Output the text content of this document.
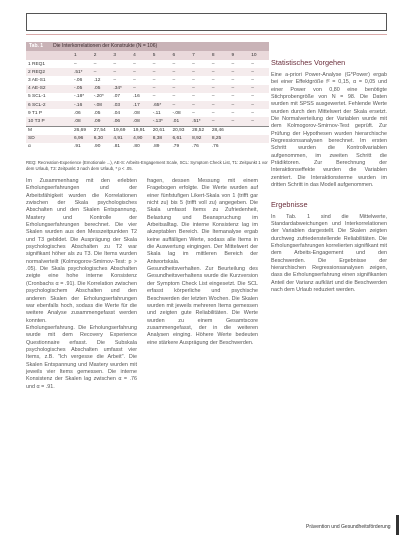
Tab. 1 Die Interkorrelationen der Konstrukte (N = 106)
	1	2	3	4	5	6	7	8	9	10
1 REQ1	–	–	–	–	–	–	–	–	–	–
2 REQ2	.51*	–	–	–	–	–	–	–	–	–
3 AE-S1	-.06	.12	–	–	–	–	–	–	–	–
4 AE-S2	-.05	.05	.34*	–	–	–	–	–	–	–
5 SCL-1	-.18*	-.20*	.07	.16	–	–	–	–	–	–
6 SCL-2	-.16	-.08	.03	.17	.65*	–	–	–	–	–
9 T1 P	.06	.05	.04	.08	-.11	-.08	–	–	–	–
10 T3 P	.08	.09	.06	.08	-.13*	.01	.51*	–	–	–
M	26,69	27,54	19,69	19,91	20,61	20,93	28,52	28,46		
SD	6,96	6,30	4,91	4,90	8,38	6,61	8,92	8,25		
α	.91	.90	.81	.80	.89	.79	.76	.76		
REQ: Recreation-Experience (Emotionale ...), AE-S: Arbeits-Engagement Scale, SCL: Symptom Check List, T1: Zeitpunkt 1 vor dem Urlaub, T3: Zeitpunkt 3 nach dem Urlaub, * p < .05.

Im Zusammenhang mit den erlebten Erholungserfahrungen und der Arbeitsfähigkeit wurden die Korrelationen zwischen der Skala psychologisches Abschalten und den Skalen Entspannung, Mastery und Kontrolle der Erholungserfahrungen berechnet. Die vier Skalen wurden aus den Messzeitpunkten T2 und T3 gebildet. Die Ausprägung der Skala psychologisches Abschalten zu T2 war signifikant höher als zu T3. Die Items wurden normalverteilt (Kolmogorov-Smirnov-Test: p > .05). Die Skala psychologisches Abschalten zeigte eine hohe interne Konsistenz (Cronbachs α = .91). Die Korrelation zwischen psychologischem Abschalten und den anderen Skalen der Erholungserfahrungen war ebenfalls hoch, sodass die Werte für die weitere Analyse zusammengefasst werden konnten.

Erholungserfahrung. Die Erholungserfahrung wurde mit dem Recovery Experience Questionnaire erfasst. Die Subskala psychologisches Abschalten umfasst vier Items, z.B. "Ich vergesse die Arbeit". Die Skalen Entspannung und Mastery wurden mit jeweils vier Items gemessen. Die interne Konsistenz der Skalen lag zwischen α = .76 und α = .91.

fragen, dessen Messung mit einem Fragebogen erfolgte. Die Werte wurden auf einer fünfstufigen Likert-Skala von 1 (trifft gar nicht zu) bis 5 (trifft voll zu) angegeben. Die Skala umfasst Items zu Zufriedenheit, Belastung und Beanspruchung im Arbeitsalltag. Die interne Konsistenz lag im akzeptablen Bereich. Die Itemanalyse ergab keine auffälligen Werte, sodass alle Items in die Auswertung eingingen. Der Mittelwert der Skala lag im mittleren Bereich der Antwortskala.

Gesundheitsverhalten. Zur Beurteilung des Gesundheitsverhaltens wurde die Kurzversion der Symptom Check List eingesetzt. Die SCL erfasst körperliche und psychische Beschwerden der letzten Wochen. Die Skalen wurden mit jeweils mehreren Items gemessen und zeigten gute Reliabilitäten. Die Werte wurden zu einem Gesamtscore zusammengefasst, der in die weiteren Analysen einging. Höhere Werte bedeuten eine stärkere Ausprägung der Beschwerden.

Statistisches Vorgehen

Eine a-priori Power-Analyse (G*Power) ergab bei einer Effektgröße f² = 0,15, α = 0,05 und einer Power von 0,80 eine benötigte Stichprobengröße von N = 98. Die Daten wurden mit SPSS ausgewertet. Fehlende Werte wurden durch den Mittelwert der Skala ersetzt. Die Normalverteilung der Variablen wurde mit dem Kolmogorov-Smirnov-Test geprüft. Zur Prüfung der Hypothesen wurden hierarchische Regressionsanalysen berechnet. Im ersten Schritt wurden die Kontrollvariablen aufgenommen, im zweiten Schritt die Prädiktoren. Zur Berechnung der Interaktionseffekte wurden die Variablen zentriert. Die Interaktionsterme wurden im dritten Schritt in das Modell aufgenommen.

Ergebnisse

In Tab. 1 sind die Mittelwerte, Standardabweichungen und Interkorrelationen der Variablen dargestellt. Die Skalen zeigten durchweg zufriedenstellende Reliabilitäten. Die Erholungserfahrungen korrelierten signifikant mit dem Arbeits-Engagement und den Beschwerden. Die Ergebnisse der hierarchischen Regressionsanalysen zeigen, dass die Erholungserfahrung einen signifikanten Anteil der Varianz aufklärt und die Beschwerden nach dem Urlaub reduziert werden.

Prävention und Gesundheitsförderung
